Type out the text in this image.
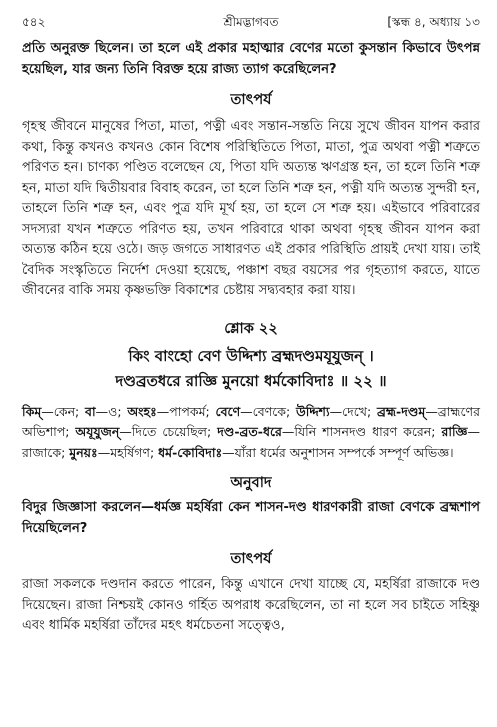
৫৪২	শ্রীমদ্ভাগবত	[স্কন্ধ ৪, অধ্যায় ১৩

প্রতি অনুরক্ত ছিলেন। তা হলে এই প্রকার মহাত্মার বেণের মতো কুসন্তান কিভাবে উৎপন্ন হয়েছিল, যার জন্য তিনি বিরক্ত হয়ে রাজ্য ত্যাগ করেছিলেন?

তাৎপর্য

গৃহস্থ জীবনে মানুষের পিতা, মাতা, পত্নী এবং সন্তান-সন্ততি নিয়ে সুখে জীবন যাপন করার কথা, কিন্তু কখনও কখনও কোন বিশেষ পরিস্থিতিতে পিতা, মাতা, পুত্র অথবা পত্নী শত্রুতে পরিণত হন। চাণক্য পণ্ডিত বলেছেন যে, পিতা যদি অত্যন্ত ঋণগ্রস্ত হন, তা হলে তিনি শত্রু হন, মাতা যদি দ্বিতীয়বার বিবাহ করেন, তা হলে তিনি শত্রু হন, পত্নী যদি অত্যন্ত সুন্দরী হন, তাহলে তিনি শত্রু হন, এবং পুত্র যদি মূর্খ হয়, তা হলে সে শত্রু হয়। এইভাবে পরিবারের সদস্যরা যখন শত্রুতে পরিণত হয়, তখন পরিবারে থাকা অথবা গৃহস্থ জীবন যাপন করা অত্যন্ত কঠিন হয়ে ওঠে। জড় জগতে সাধারণত এই প্রকার পরিস্থিতি প্রায়ই দেখা যায়। তাই বৈদিক সংস্কৃতিতে নির্দেশ দেওয়া হয়েছে, পঞ্চাশ বছর বয়সের পর গৃহত্যাগ করতে, যাতে জীবনের বাকি সময় কৃষ্ণভক্তি বিকাশের চেষ্টায় সদ্ব্যবহার করা যায়।

শ্লোক ২২
কিং বাংহো বেণ উদ্দিশ্য ব্রহ্মদণ্ডমযূযুজন্ ।
দণ্ডব্রতধরে রাজ্ঞি মুনয়ো ধর্মকোবিদাঃ ॥ ২২ ॥

কিম্—কেন; বা—ও; অংহঃ—পাপকর্ম; বেণে—বেণকে; উদ্দিশ্য—দেখে; ব্রহ্ম-দণ্ডম্—ব্রাহ্মণের অভিশাপ; অযূযুজন্—দিতে চেয়েছিল; দণ্ড-ব্রত-ধরে—যিনি শাসনদণ্ড ধারণ করেন; রাজ্ঞি—রাজাকে; মুনয়ঃ—মহর্ষিগণ; ধর্ম-কোবিদাঃ—যাঁরা ধর্মের অনুশাসন সম্পর্কে সম্পূর্ণ অভিজ্ঞ।

অনুবাদ

বিদুর জিজ্ঞাসা করলেন—ধর্মজ্ঞ মহর্ষিরা কেন শাসন-দণ্ড ধারণকারী রাজা বেণকে ব্রহ্মশাপ দিয়েছিলেন?

তাৎপর্য

রাজা সকলকে দণ্ডদান করতে পারেন, কিন্তু এখানে দেখা যাচ্ছে যে, মহর্ষিরা রাজাকে দণ্ড দিয়েছেন। রাজা নিশ্চয়ই কোনও গর্হিত অপরাধ করেছিলেন, তা না হলে সব চাইতে সহিষ্ণু এবং ধার্মিক মহর্ষিরা তাঁদের মহৎ ধর্মচেতনা সত্ত্বেও,
